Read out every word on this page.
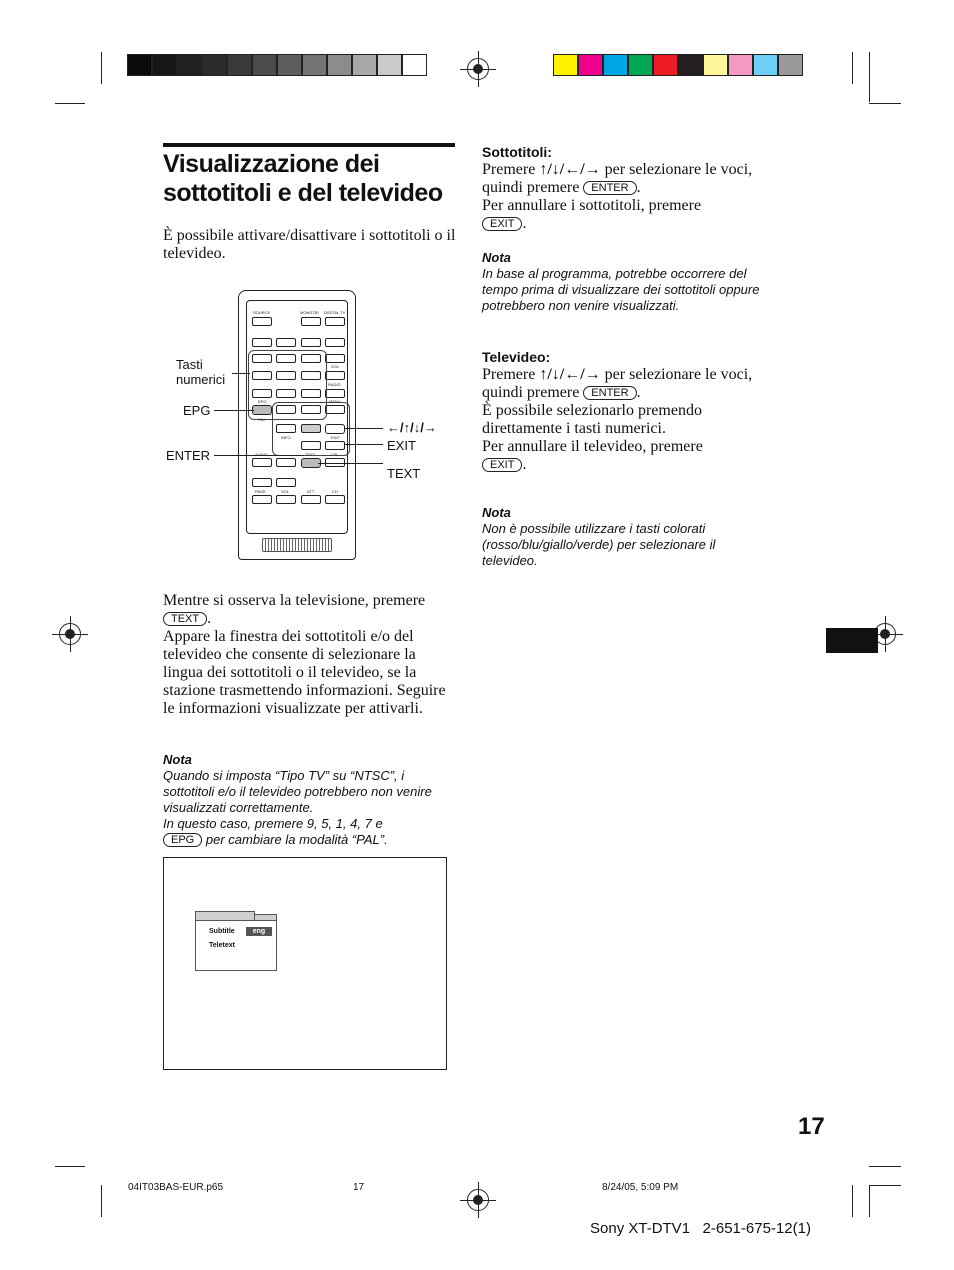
Visualizzazione dei sottotitoli e del televideo
È possibile attivare/disattivare i sottotitoli o il televideo.
SOURCE	MONITOR DIGITAL TV
VOL
RADIO
EPG	MENU
FAV
EXIT
INFO
TEXT	L/R
PAGE	VOL	ATT	CH
Tasti numerici
EPG
ENTER
←/↑/↓/→
EXIT
TEXT
Mentre si osserva la televisione, premere
TEXT .
Appare la finestra dei sottotitoli e/o del televideo che consente di selezionare la lingua dei sottotitoli o il televideo, se la stazione trasmettendo informazioni. Seguire le informazioni visualizzate per attivarli.
Nota
Quando si imposta “Tipo TV” su “NTSC”, i sottotitoli e/o il televideo potrebbero non venire visualizzati correttamente.
In questo caso, premere 9, 5, 1, 4, 7 e
EPG per cambiare la modalità “PAL”.
Subtitle	eng
Teletext
Sottotitoli:
Premere ↑/↓/←/→ per selezionare le voci, quindi premere ENTER .
Per annullare i sottotitoli, premere
EXIT .
Nota
In base al programma, potrebbe occorrere del tempo prima di visualizzare dei sottotitoli oppure potrebbero non venire visualizzati.
Televideo:
Premere ↑/↓/←/→ per selezionare le voci, quindi premere ENTER .
È possibile selezionarlo premendo direttamente i tasti numerici.
Per annullare il televideo, premere
EXIT .
Nota
Non è possibile utilizzare i tasti colorati (rosso/blu/giallo/verde) per selezionare il televideo.
17
04IT03BAS-EUR.p65	17	8/24/05, 5:09 PM
Sony XT-DTV1   2-651-675-12(1)
